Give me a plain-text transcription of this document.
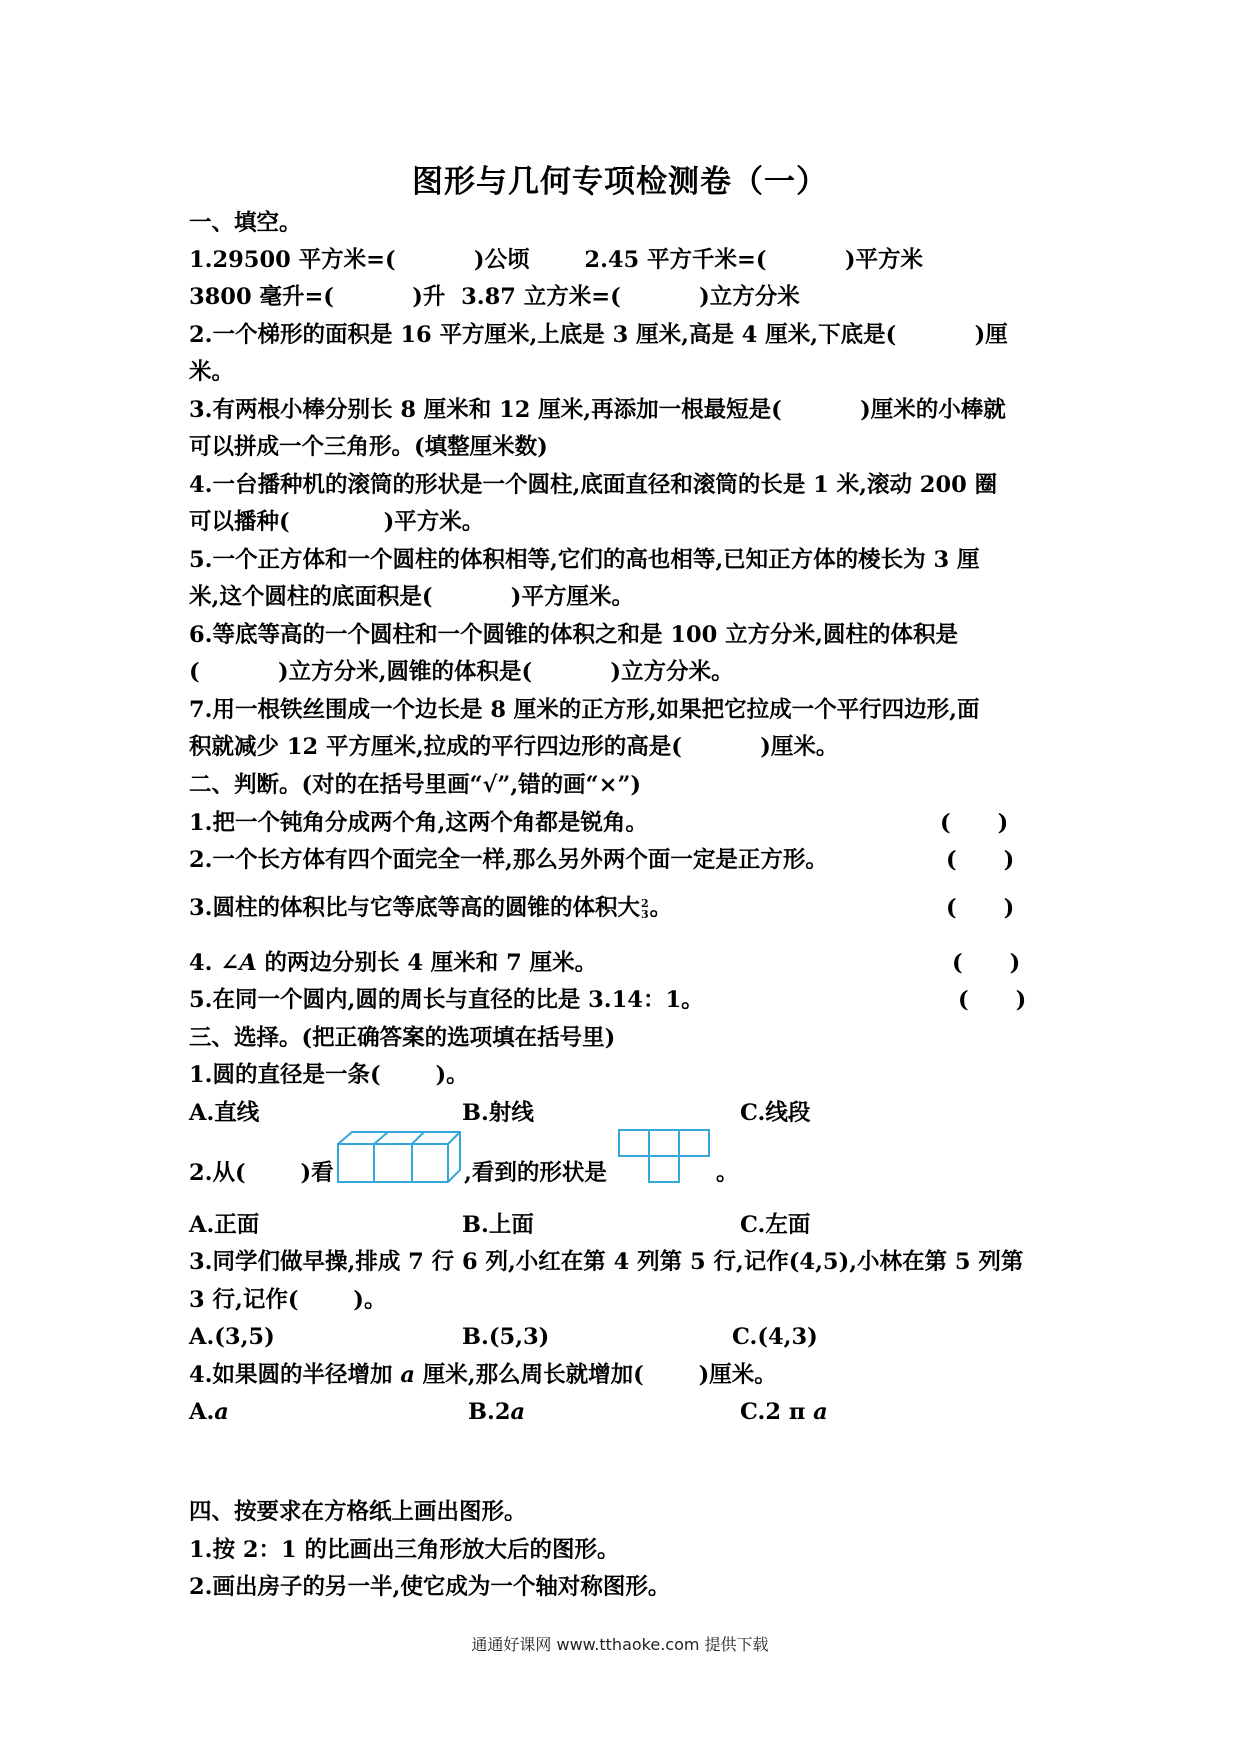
图形与几何专项检测卷（一）
一、填空。
1.29500 平方米=(          )公顷       2.45 平方千米=(          )平方米
3800 毫升=(          )升  3.87 立方米=(          )立方分米
2.一个梯形的面积是 16 平方厘米,上底是 3 厘米,高是 4 厘米,下底是(          )厘
米。
3.有两根小棒分别长 8 厘米和 12 厘米,再添加一根最短是(          )厘米的小棒就
可以拼成一个三角形。(填整厘米数)
4.一台播种机的滚筒的形状是一个圆柱,底面直径和滚筒的长是 1 米,滚动 200 圈
可以播种(            )平方米。
5.一个正方体和一个圆柱的体积相等,它们的高也相等,已知正方体的棱长为 3 厘
米,这个圆柱的底面积是(          )平方厘米。
6.等底等高的一个圆柱和一个圆锥的体积之和是 100 立方分米,圆柱的体积是
(          )立方分米,圆锥的体积是(          )立方分米。
7.用一根铁丝围成一个边长是 8 厘米的正方形,如果把它拉成一个平行四边形,面
积就减少 12 平方厘米,拉成的平行四边形的高是(          )厘米。
二、判断。(对的在括号里画“√”,错的画“×”)
1.把一个钝角分成两个角,这两个角都是锐角。	(      )
2.一个长方体有四个面完全一样,那么另外两个面一定是正方形。	(      )
3.圆柱的体积比与它等底等高的圆锥的体积大 2
3 。	(      )
4. ∠A 的两边分别长 4 厘米和 7 厘米。	(      )
5.在同一个圆内,圆的周长与直径的比是 3.14：1。	(      )
三、选择。(把正确答案的选项填在括号里)
1.圆的直径是一条(       )。
A.直线	B.射线	C.线段
2.从(       )看	,看到的形状是	。
A.正面	B.上面	C.左面
3.同学们做早操,排成 7 行 6 列,小红在第 4 列第 5 行,记作(4,5),小林在第 5 列第
3 行,记作(       )。
A.(3,5)	B.(5,3)	C.(4,3)
4.如果圆的半径增加 a 厘米,那么周长就增加(       )厘米。
A.a	B.2a	C.2 π a
四、按要求在方格纸上画出图形。
1.按 2：1 的比画出三角形放大后的图形。
2.画出房子的另一半,使它成为一个轴对称图形。
通通好课网 www.tthaoke.com 提供下载
